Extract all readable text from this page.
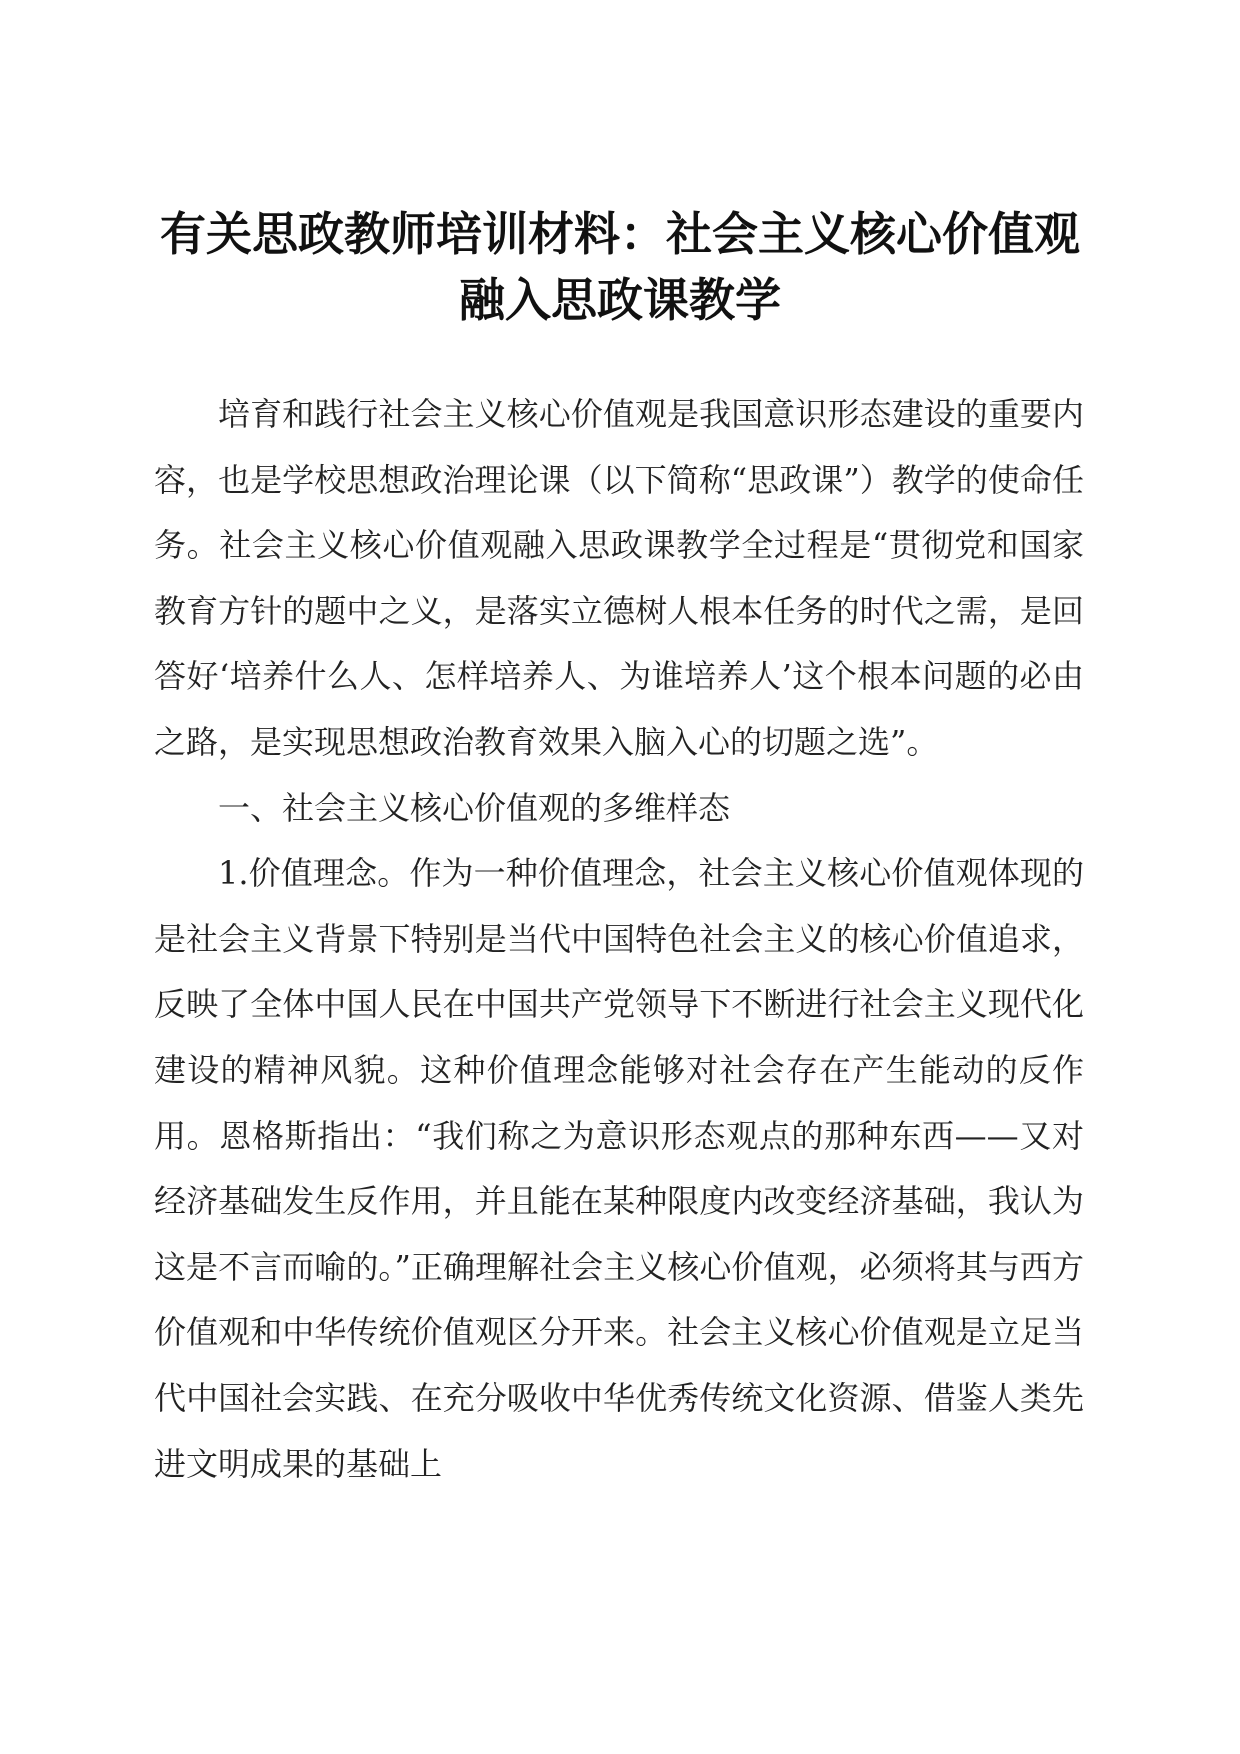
有关思政教师培训材料：社会主义核心价值观
融入思政课教学

培育和践行社会主义核心价值观是我国意识形态建设的重要内容，也是学校思想政治理论课（以下简称“思政课”）教学的使命任务。社会主义核心价值观融入思政课教学全过程是“贯彻党和国家教育方针的题中之义，是落实立德树人根本任务的时代之需，是回答好‘培养什么人、怎样培养人、为谁培养人’这个根本问题的必由之路，是实现思想政治教育效果入脑入心的切题之选”。

一、社会主义核心价值观的多维样态

1.价值理念。作为一种价值理念，社会主义核心价值观体现的是社会主义背景下特别是当代中国特色社会主义的核心价值追求，反映了全体中国人民在中国共产党领导下不断进行社会主义现代化建设的精神风貌。这种价值理念能够对社会存在产生能动的反作用。恩格斯指出：“我们称之为意识形态观点的那种东西——又对经济基础发生反作用，并且能在某种限度内改变经济基础，我认为这是不言而喻的。”正确理解社会主义核心价值观，必须将其与西方价值观和中华传统价值观区分开来。社会主义核心价值观是立足当代中国社会实践、在充分吸收中华优秀传统文化资源、借鉴人类先进文明成果的基础上
